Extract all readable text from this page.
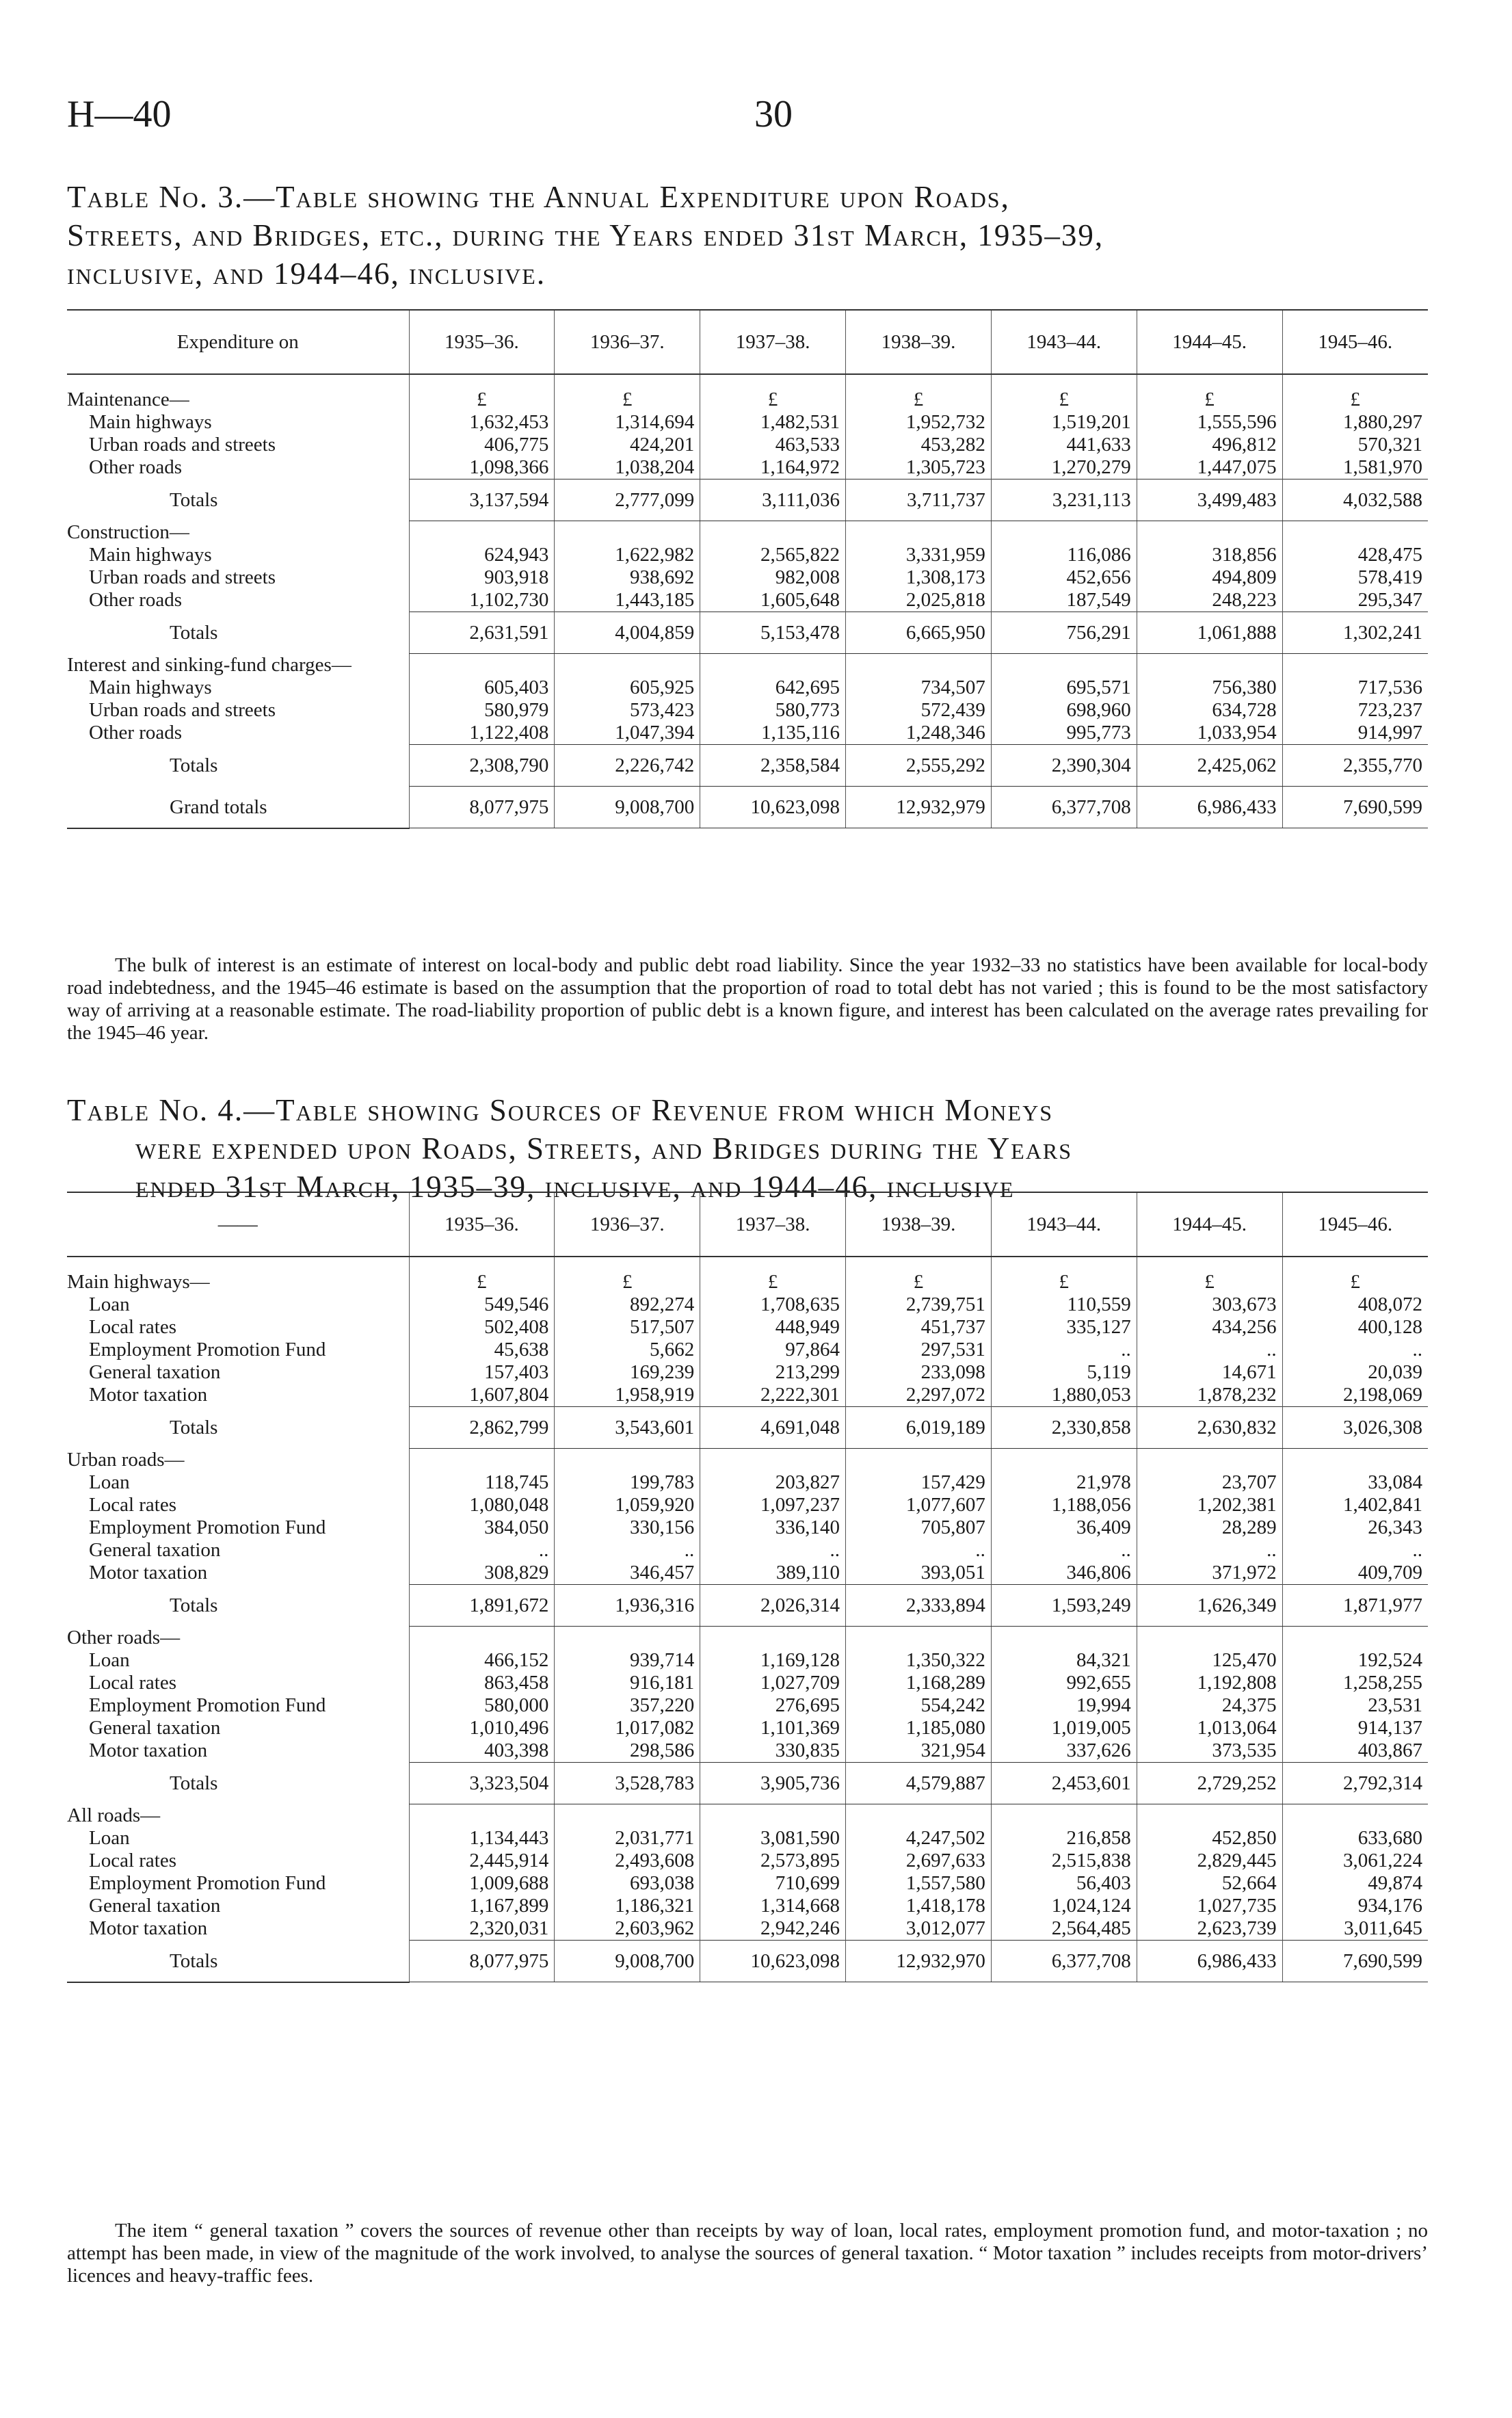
H—40	30
Table No. 3.—Table showing the Annual Expenditure upon Roads,
Streets, and Bridges, etc., during the Years ended 31st March, 1935–39,
inclusive, and 1944–46, inclusive.
Expenditure on	1935–36.	1936–37.	1937–38.	1938–39.	1943–44.	1944–45.	1945–46.

Maintenance—	£	£	£	£	£	£	£
Main highways	1,632,453	1,314,694	1,482,531	1,952,732	1,519,201	1,555,596	1,880,297
Urban roads and streets	406,775	424,201	463,533	453,282	441,633	496,812	570,321
Other roads	1,098,366	1,038,204	1,164,972	1,305,723	1,270,279	1,447,075	1,581,970
Totals	3,137,594	2,777,099	3,111,036	3,711,737	3,231,113	3,499,483	4,032,588
Construction—							
Main highways	624,943	1,622,982	2,565,822	3,331,959	116,086	318,856	428,475
Urban roads and streets	903,918	938,692	982,008	1,308,173	452,656	494,809	578,419
Other roads	1,102,730	1,443,185	1,605,648	2,025,818	187,549	248,223	295,347
Totals	2,631,591	4,004,859	5,153,478	6,665,950	756,291	1,061,888	1,302,241
Interest and sinking-fund charges—							
Main highways	605,403	605,925	642,695	734,507	695,571	756,380	717,536
Urban roads and streets	580,979	573,423	580,773	572,439	698,960	634,728	723,237
Other roads	1,122,408	1,047,394	1,135,116	1,248,346	995,773	1,033,954	914,997
Totals	2,308,790	2,226,742	2,358,584	2,555,292	2,390,304	2,425,062	2,355,770
Grand totals	8,077,975	9,008,700	10,623,098	12,932,979	6,377,708	6,986,433	7,690,599
The bulk of interest is an estimate of interest on local-body and public debt road liability. Since the year 1932–33 no statistics have been available for local-body road indebtedness, and the 1945–46 estimate is based on the assumption that the proportion of road to total debt has not varied ; this is found to be the most satisfactory way of arriving at a reasonable estimate. The road-liability proportion of public debt is a known figure, and interest has been calculated on the average rates prevailing for the 1945–46 year.
Table No. 4.—Table showing Sources of Revenue from which Moneys
were expended upon Roads, Streets, and Bridges during the Years
ended 31st March, 1935–39, inclusive, and 1944–46, inclusive
——	1935–36.	1936–37.	1937–38.	1938–39.	1943–44.	1944–45.	1945–46.

Main highways—	£	£	£	£	£	£	£
Loan	549,546	892,274	1,708,635	2,739,751	110,559	303,673	408,072
Local rates	502,408	517,507	448,949	451,737	335,127	434,256	400,128
Employment Promotion Fund	45,638	5,662	97,864	297,531	..	..	..
General taxation	157,403	169,239	213,299	233,098	5,119	14,671	20,039
Motor taxation	1,607,804	1,958,919	2,222,301	2,297,072	1,880,053	1,878,232	2,198,069
Totals	2,862,799	3,543,601	4,691,048	6,019,189	2,330,858	2,630,832	3,026,308
Urban roads—							
Loan	118,745	199,783	203,827	157,429	21,978	23,707	33,084
Local rates	1,080,048	1,059,920	1,097,237	1,077,607	1,188,056	1,202,381	1,402,841
Employment Promotion Fund	384,050	330,156	336,140	705,807	36,409	28,289	26,343
General taxation	..	..	..	..	..	..	..
Motor taxation	308,829	346,457	389,110	393,051	346,806	371,972	409,709
Totals	1,891,672	1,936,316	2,026,314	2,333,894	1,593,249	1,626,349	1,871,977
Other roads—							
Loan	466,152	939,714	1,169,128	1,350,322	84,321	125,470	192,524
Local rates	863,458	916,181	1,027,709	1,168,289	992,655	1,192,808	1,258,255
Employment Promotion Fund	580,000	357,220	276,695	554,242	19,994	24,375	23,531
General taxation	1,010,496	1,017,082	1,101,369	1,185,080	1,019,005	1,013,064	914,137
Motor taxation	403,398	298,586	330,835	321,954	337,626	373,535	403,867
Totals	3,323,504	3,528,783	3,905,736	4,579,887	2,453,601	2,729,252	2,792,314
All roads—							
Loan	1,134,443	2,031,771	3,081,590	4,247,502	216,858	452,850	633,680
Local rates	2,445,914	2,493,608	2,573,895	2,697,633	2,515,838	2,829,445	3,061,224
Employment Promotion Fund	1,009,688	693,038	710,699	1,557,580	56,403	52,664	49,874
General taxation	1,167,899	1,186,321	1,314,668	1,418,178	1,024,124	1,027,735	934,176
Motor taxation	2,320,031	2,603,962	2,942,246	3,012,077	2,564,485	2,623,739	3,011,645
Totals	8,077,975	9,008,700	10,623,098	12,932,970	6,377,708	6,986,433	7,690,599
The item “ general taxation ” covers the sources of revenue other than receipts by way of loan, local rates, employment promotion fund, and motor-taxation ; no attempt has been made, in view of the magnitude of the work involved, to analyse the sources of general taxation. “ Motor taxation ” includes receipts from motor-drivers’ licences and heavy-traffic fees.
